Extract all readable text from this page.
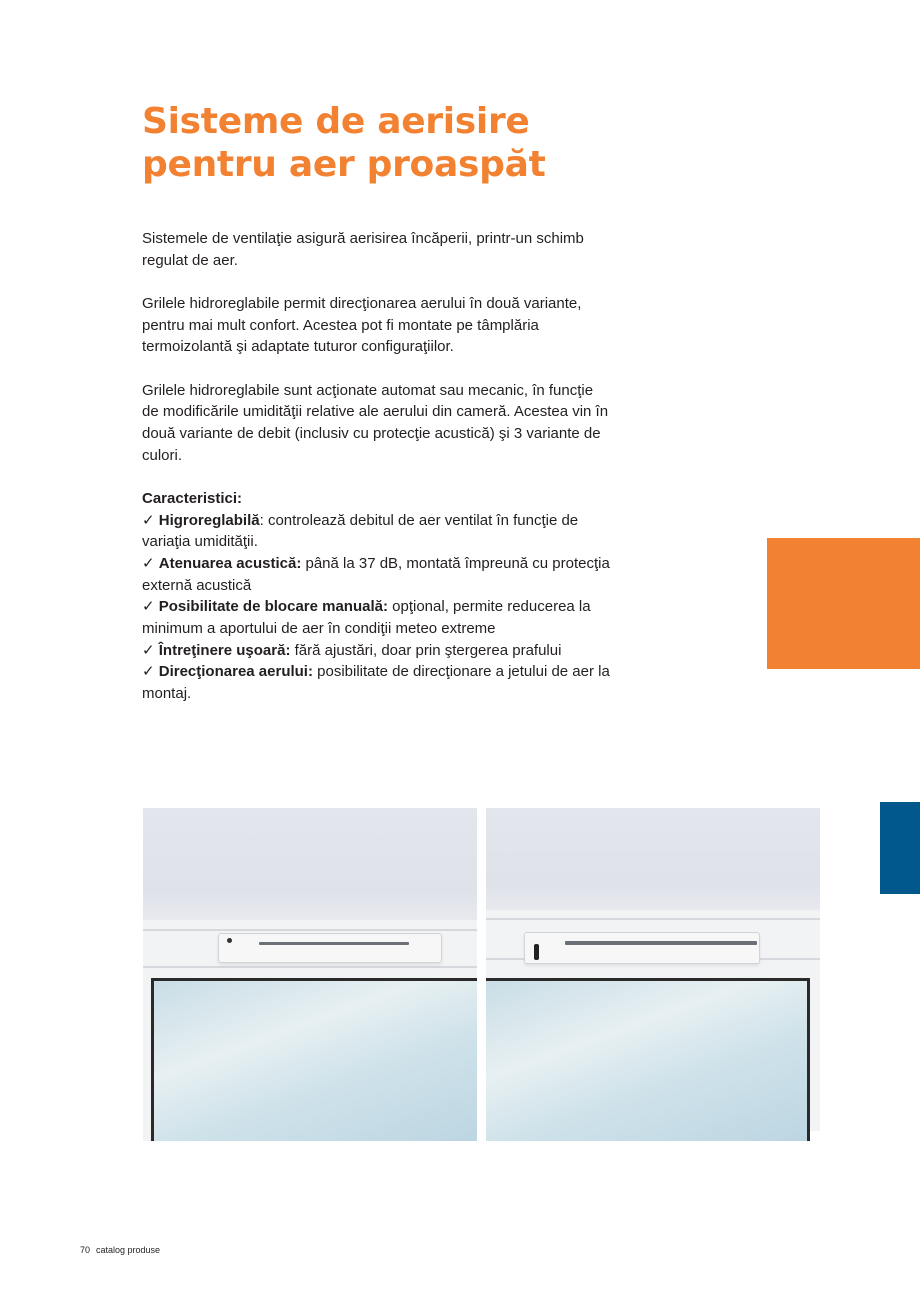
Sisteme de aerisire
pentru aer proaspăt

Sistemele de ventilaţie asigură aerisirea încăperii, printr-un schimb regulat de aer.

Grilele hidroreglabile permit direcţionarea aerului în două variante, pentru mai mult confort. Acestea pot fi montate pe tâmplăria termoizolantă şi adaptate tuturor configuraţiilor.

Grilele hidroreglabile sunt acţionate automat sau mecanic, în funcţie de modificările umidităţii relative ale aerului din cameră. Acestea vin în două variante de debit (inclusiv cu protecţie acustică) şi 3 variante de culori.

Caracteristici:
✓ Higroreglabilă: controlează debitul de aer ventilat în funcţie de variaţia umidităţii.
✓ Atenuarea acustică: până la 37 dB, montată împreună cu protecţia externă acustică
✓ Posibilitate de blocare manuală: opţional, permite reducerea la minimum a aportului de aer în condiţii meteo extreme
✓ Întreţinere uşoară: fără ajustări, doar prin ştergerea prafului
✓ Direcţionarea aerului: posibilitate de direcţionare a jetului de aer la montaj.
70 catalog produse
